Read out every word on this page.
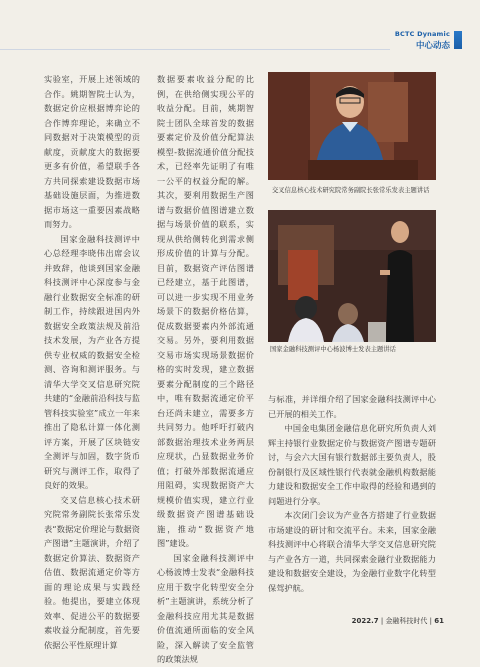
BCTC Dynamic
中心动态

实验室，开展上述领域的合作。姚期智院士认为，数据定价应根据博弈论的合作博弈理论，来确立不同数据对于决策模型的贡献度，贡献度大的数据要更多有价值，希望联手各方共同探索建设数据市场基础设施层面，为推进数据市场这一重要因素战略而努力。

国家金融科技测评中心总经理李晓伟出席会议并致辞，他谈到国家金融科技测评中心深度参与金融行业数据安全标准的研制工作，持续跟进国内外数据安全政策法规及前沿技术发展，为产业各方提供专业权威的数据安全检测、咨询和测评服务。与清华大学交叉信息研究院共建的“金融前沿科技与监管科技实验室”成立一年来推出了隐私计算一体化测评方案，开展了区块链安全测评与加固，数字货币研究与测评工作，取得了良好的效果。

交叉信息核心技术研究院常务副院长张常乐发表“数据定价理论与数据资产图谱”主题演讲，介绍了数据定价算法、数据资产估值、数据流通定价等方面的理论成果与实践经验。他提出，要建立体现效率、促进公平的数据要素收益分配制度，首先要依据公平性原理计算

数据要素收益分配的比例，在供给侧实现公平的收益分配。目前，姚期智院士团队全球首发的数据要素定价及价值分配算法模型-数据流通价值分配技术，已经率先证明了有唯一公平的权益分配的解。其次，要利用数据生产图谱与数据价值图谱建立数据与场景价值的联系，实现从供给侧转化到需求侧形成价值的计算与分配。目前，数据资产评估图谱已经建立，基于此图谱，可以进一步实现不用业务场景下的数据价格估算，促成数据要素内外部流通交易。另外，要利用数据交易市场实现场景数据价格的实时发现，建立数据要素分配制度的三个路径中，唯有数据流通定价平台还尚未建立，需要多方共同努力。他呼吁打破内部数据治理技术业务两层应现状，凸显数据业务价值；打破外部数据流通应用阻碍，实现数据资产大规模价值实现，建立行业级数据资产图谱基础设施，推动“数据资产地图”建设。

国家金融科技测评中心杨波博士发表“金融科技应用于数字化转型安全分析”主题演讲，系统分析了金融科技应用尤其是数据价值流通所面临的安全风险，深入解读了安全监管的政策法规

交叉信息核心技术研究院常务副院长张常乐发表主题讲话
国家金融科技测评中心杨波博士发表主题讲话

与标准，并详细介绍了国家金融科技测评中心已开展的相关工作。

中国金电集团金融信息化研究所负责人刘辉主持银行业数据定价与数据资产图谱专题研讨，与会六大国有银行数据部主要负责人，股份制银行及区域性银行代表就金融机构数据能力建设和数据安全工作中取得的经验和遇到的问题进行分享。

本次闭门会议为产业各方搭建了行业数据市场建设的研讨和交流平台。未来，国家金融科技测评中心将联合清华大学交叉信息研究院与产业各方一道，共同探索金融行业数据能力建设和数据安全建设，为金融行业数字化转型保驾护航。

2022.7 | 金融科技时代 | 61
